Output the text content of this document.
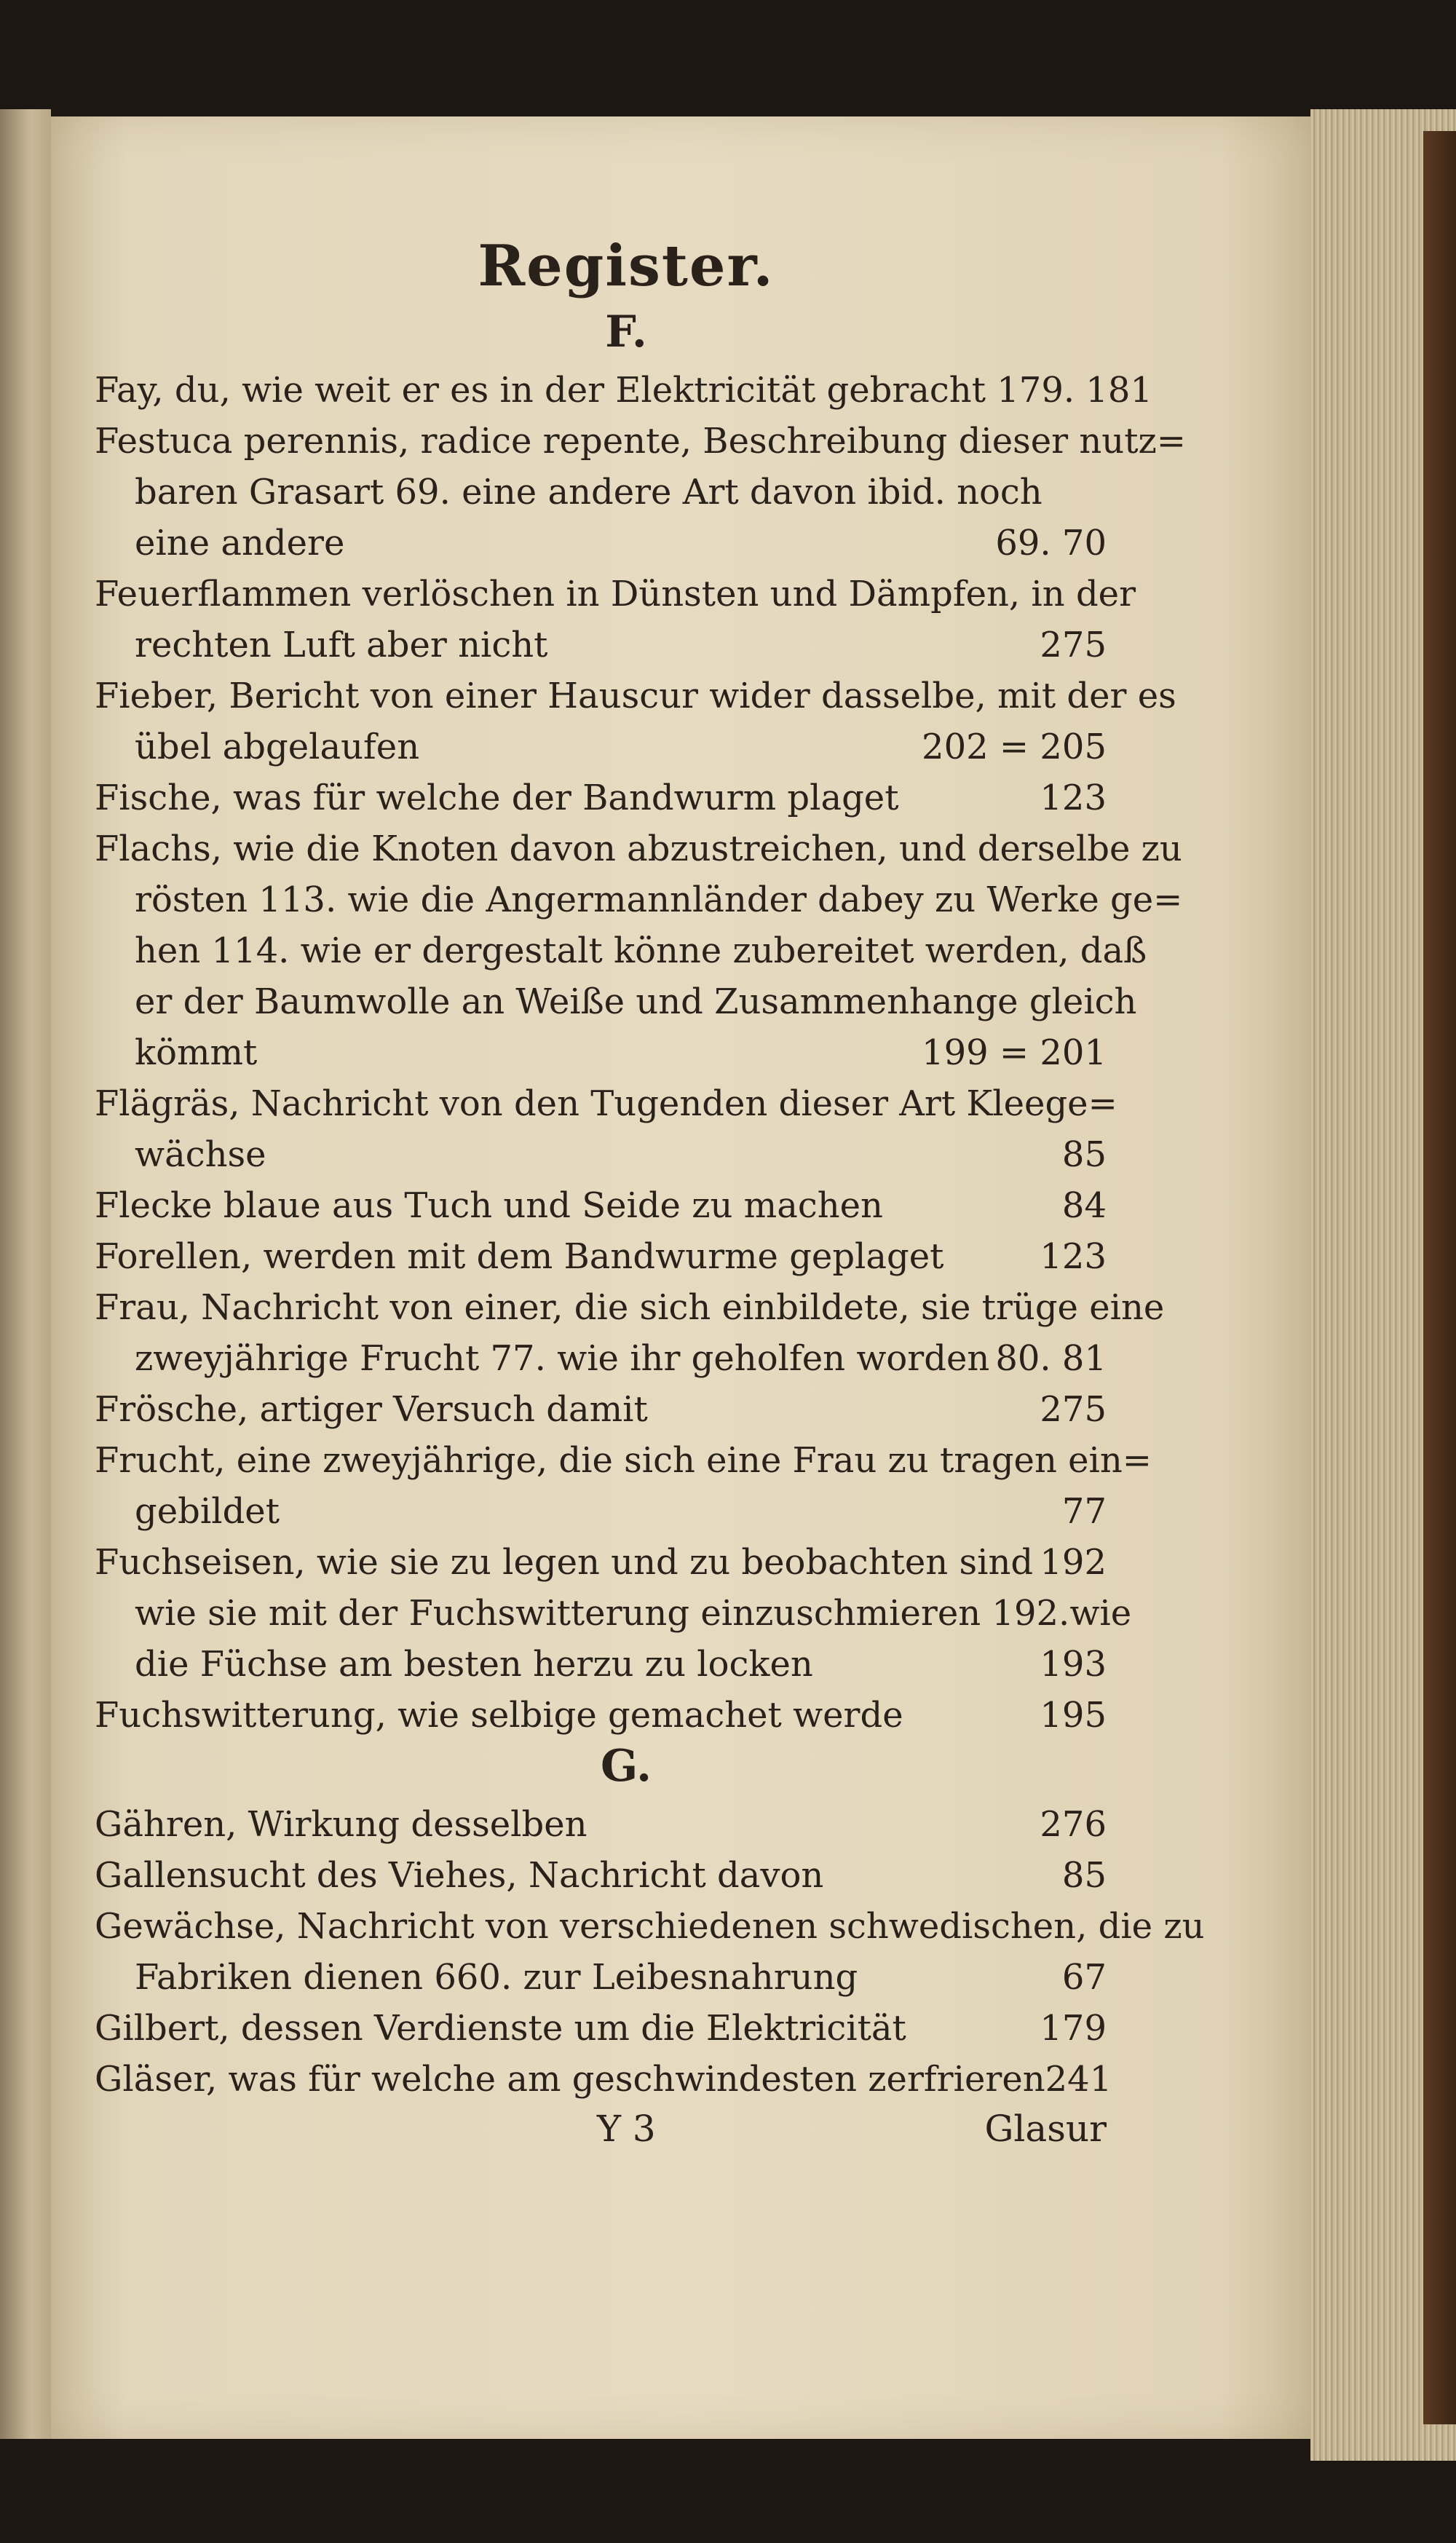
Register.
F.
Fay, du, wie weit er es in der Elektricität gebracht 179. 181
Festuca perennis, radice repente, Beschreibung dieser nutz=
baren Grasart 69. eine andere Art davon ibid. noch
eine andere	69. 70
Feuerflammen verlöschen in Dünsten und Dämpfen, in der
rechten Luft aber nicht	275
Fieber, Bericht von einer Hauscur wider dasselbe, mit der es
übel abgelaufen	202 = 205
Fische, was für welche der Bandwurm plaget	123
Flachs, wie die Knoten davon abzustreichen, und derselbe zu
rösten 113. wie die Angermannländer dabey zu Werke ge=
hen 114. wie er dergestalt könne zubereitet werden, daß
er der Baumwolle an Weiße und Zusammenhange gleich
kömmt	199 = 201
Flägräs, Nachricht von den Tugenden dieser Art Kleege=
wächse	85
Flecke blaue aus Tuch und Seide zu machen	84
Forellen, werden mit dem Bandwurme geplaget	123
Frau, Nachricht von einer, die sich einbildete, sie trüge eine
zweyjährige Frucht 77. wie ihr geholfen worden 80. 81
Frösche, artiger Versuch damit	275
Frucht, eine zweyjährige, die sich eine Frau zu tragen ein=
gebildet	77
Fuchseisen, wie sie zu legen und zu beobachten sind 192
wie sie mit der Fuchswitterung einzuschmieren 192. wie
die Füchse am besten herzu zu locken	193
Fuchswitterung, wie selbige gemachet werde	195
G.
Gähren, Wirkung desselben	276
Gallensucht des Viehes, Nachricht davon	85
Gewächse, Nachricht von verschiedenen schwedischen, die zu
Fabriken dienen 660. zur Leibesnahrung	67
Gilbert, dessen Verdienste um die Elektricität	179
Gläser, was für welche am geschwindesten zerfrieren 241
Y 3	Glasur
